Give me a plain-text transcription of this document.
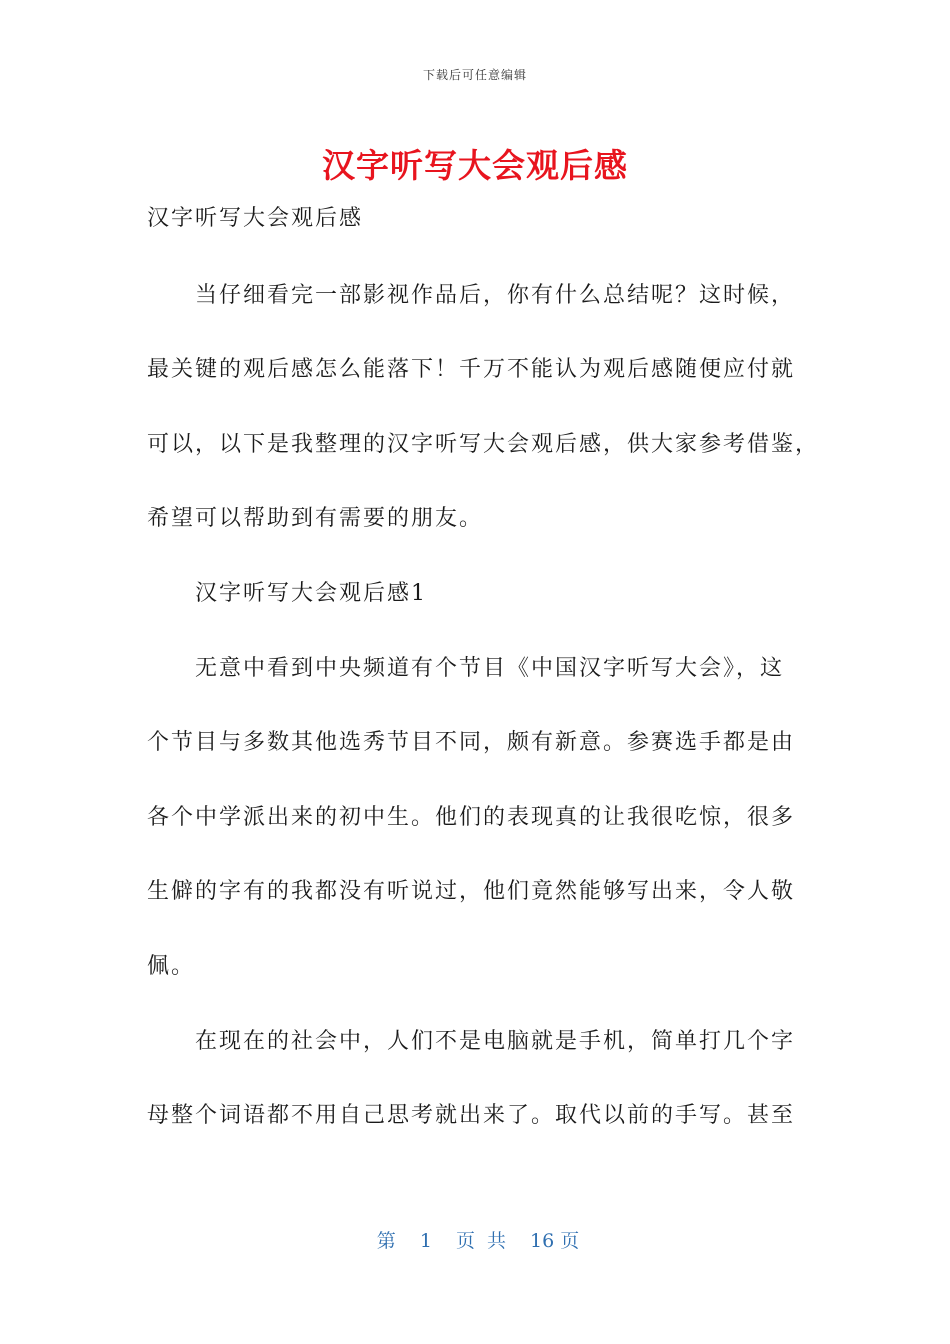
下载后可任意编辑
汉字听写大会观后感
汉字听写大会观后感
　　当仔细看完一部影视作品后，你有什么总结呢？这时候，
最关键的观后感怎么能落下！千万不能认为观后感随便应付就
可以，以下是我整理的汉字听写大会观后感，供大家参考借鉴，
希望可以帮助到有需要的朋友。
　　汉字听写大会观后感1
　　无意中看到中央频道有个节目《中国汉字听写大会》，这
个节目与多数其他选秀节目不同，颇有新意。参赛选手都是由
各个中学派出来的初中生。他们的表现真的让我很吃惊，很多
生僻的字有的我都没有听说过，他们竟然能够写出来，令人敬
佩。
　　在现在的社会中，人们不是电脑就是手机，简单打几个字
母整个词语都不用自己思考就出来了。取代以前的手写。甚至
第 1 页 共 16 页
